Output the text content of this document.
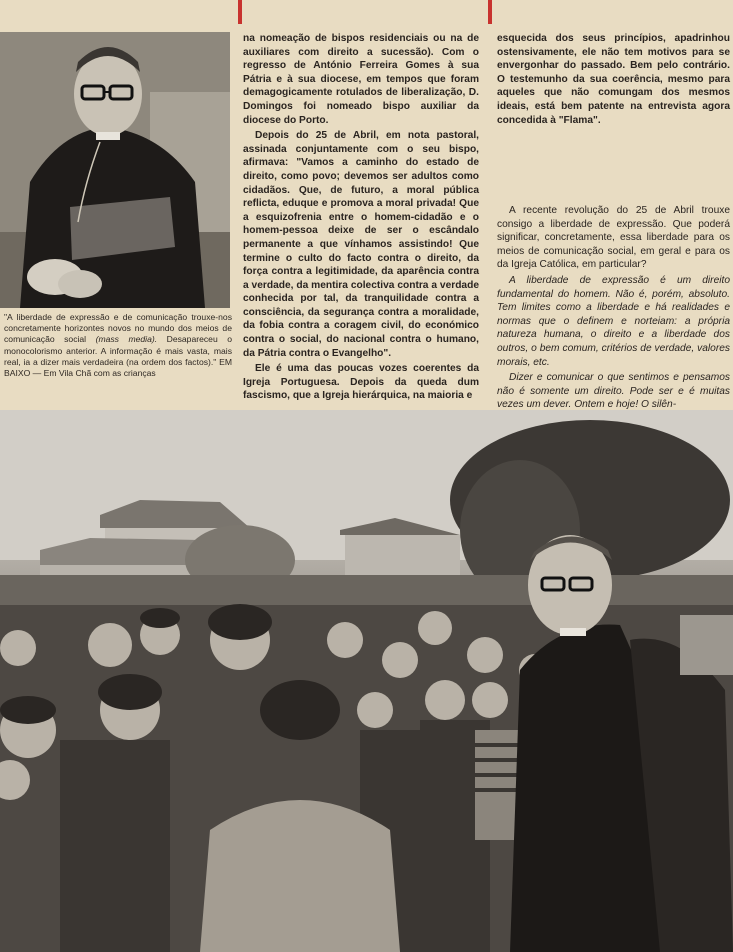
"A liberdade de expressão e de comunicação trouxe-nos concretamente horizontes novos no mundo dos meios de comunicação social (mass media). Desapareceu o monocolorismo anterior. A informação é mais vasta, mais real, ia a dizer mais verdadeira (na ordem dos factos)." EM BAIXO — Em Vila Chã com as crianças

na nomeação de bispos residenciais ou na de auxiliares com direito a sucessão). Com o regresso de António Ferreira Gomes à sua Pátria e à sua diocese, em tempos que foram demagogicamente rotulados de liberalização, D. Domingos foi nomeado bispo auxiliar da diocese do Porto.

Depois do 25 de Abril, em nota pastoral, assinada conjuntamente com o seu bispo, afirmava: "Vamos a caminho do estado de direito, como povo; devemos ser adultos como cidadãos. Que, de futuro, a moral pública reflicta, eduque e promova a moral privada! Que a esquizofrenia entre o homem-cidadão e o homem-pessoa deixe de ser o escândalo permanente a que vínhamos assistindo! Que termine o culto do facto contra o direito, da força contra a legitimidade, da aparência contra a verdade, da mentira colectiva contra a verdade conhecida por tal, da tranquilidade contra a consciência, da segurança contra a moralidade, da fobia contra a coragem civil, do económico contra o social, do nacional contra o humano, da Pátria contra o Evangelho".

Ele é uma das poucas vozes coerentes da Igreja Portuguesa. Depois da queda dum fascismo, que a Igreja hierárquica, na maioria e

esquecida dos seus princípios, apadrinhou ostensivamente, ele não tem motivos para se envergonhar do passado. Bem pelo contrário. O testemunho da sua coerência, mesmo para aqueles que não comungam dos mesmos ideais, está bem patente na entrevista agora concedida à "Flama".

A recente revolução do 25 de Abril trouxe consigo a liberdade de expressão. Que poderá significar, concretamente, essa liberdade para os meios de comunicação social, em geral e para os da Igreja Católica, em particular?

A liberdade de expressão é um direito fundamental do homem. Não é, porém, absoluto. Tem limites como a liberdade e há realidades e normas que o definem e norteiam: a própria natureza humana, o direito e a liberdade dos outros, o bem comum, critérios de verdade, valores morais, etc.

Dizer e comunicar o que sentimos e pensamos não é somente um direito. Pode ser e é muitas vezes um dever. Ontem e hoje! O silên-
